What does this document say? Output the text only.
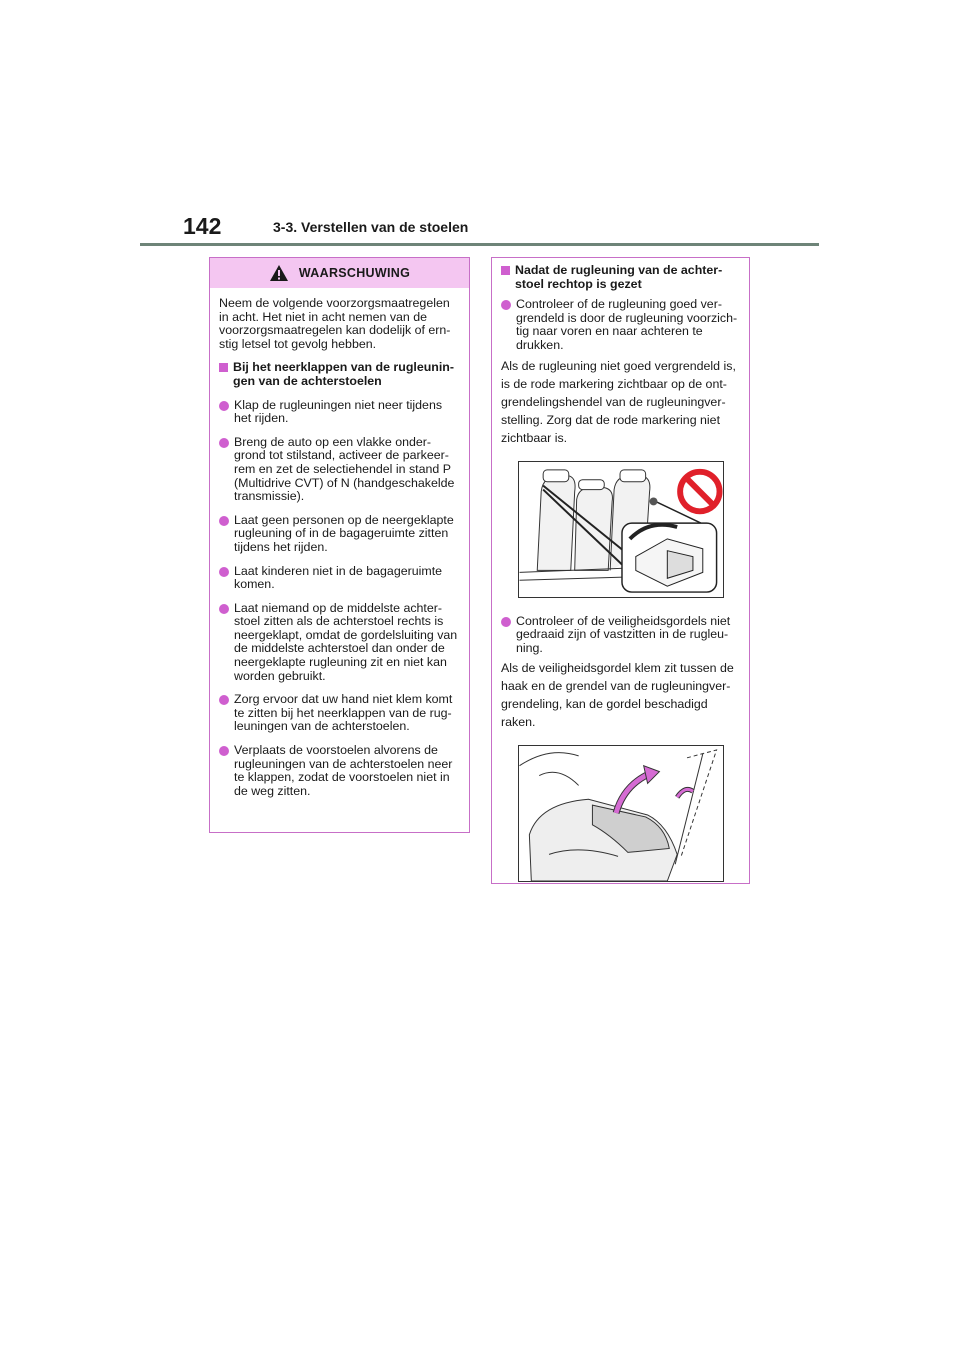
142	3-3. Verstellen van de stoelen
WAARSCHUWING

Neem de volgende voorzorgsmaatregelen in acht. Het niet in acht nemen van de voorzorgsmaatregelen kan dodelijk of ern-stig letsel tot gevolg hebben.

Bij het neerklappen van de rugleunin-gen van de achterstoelen
Klap de rugleuningen niet neer tijdens het rijden.
Breng de auto op een vlakke onder-grond tot stilstand, activeer de parkeer-rem en zet de selectiehendel in stand P (Multidrive CVT) of N (handgeschakelde transmissie).
Laat geen personen op de neergeklapte rugleuning of in de bagageruimte zitten tijdens het rijden.
Laat kinderen niet in de bagageruimte komen.
Laat niemand op de middelste achter-stoel zitten als de achterstoel rechts is neergeklapt, omdat de gordelsluiting van de middelste achterstoel dan onder de neergeklapte rugleuning zit en niet kan worden gebruikt.
Zorg ervoor dat uw hand niet klem komt te zitten bij het neerklappen van de rug-leuningen van de achterstoelen.
Verplaats de voorstoelen alvorens de rugleuningen van de achterstoelen neer te klappen, zodat de voorstoelen niet in de weg zitten.
Nadat de rugleuning van de achter-stoel rechtop is gezet
Controleer of de rugleuning goed ver-grendeld is door de rugleuning voorzich-tig naar voren en naar achteren te drukken.

Als de rugleuning niet goed vergrendeld is, is de rode markering zichtbaar op de ont-grendelingshendel van de rugleuningver-stelling. Zorg dat de rode markering niet zichtbaar is.

Controleer of de veiligheidsgordels niet gedraaid zijn of vastzitten in de rugleu-ning.

Als de veiligheidsgordel klem zit tussen de haak en de grendel van de rugleuningver-grendeling, kan de gordel beschadigd raken.
